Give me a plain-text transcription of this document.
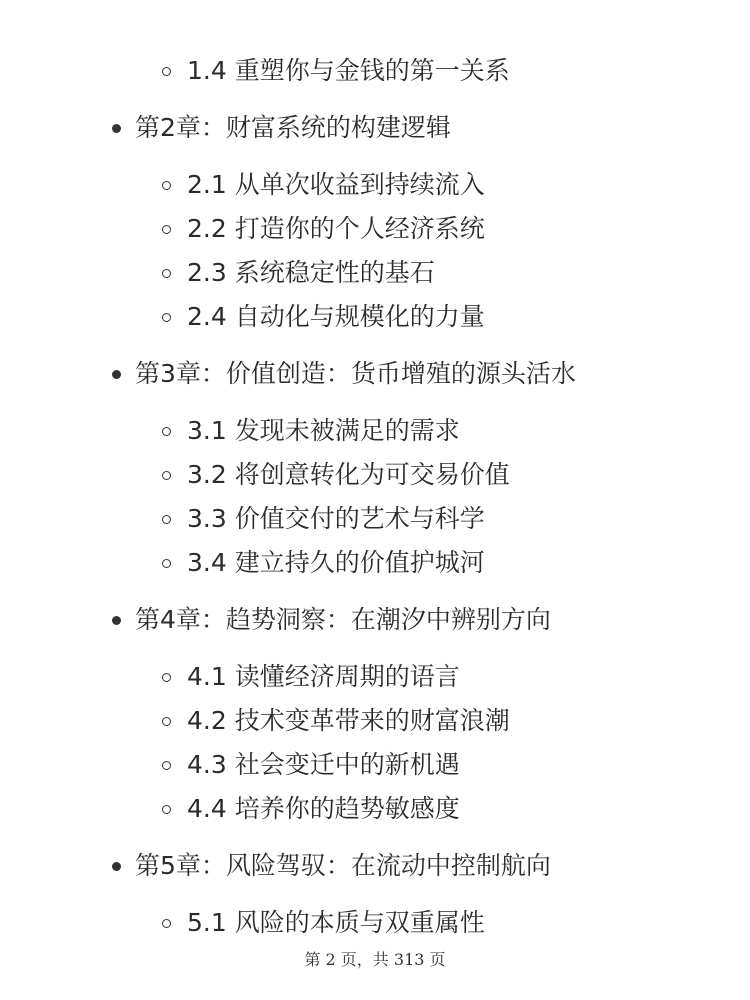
1.4 重塑你与金钱的第一关系
第2章：财富系统的构建逻辑
2.1 从单次收益到持续流入
2.2 打造你的个人经济系统
2.3 系统稳定性的基石
2.4 自动化与规模化的力量
第3章：价值创造：货币增殖的源头活水
3.1 发现未被满足的需求
3.2 将创意转化为可交易价值
3.3 价值交付的艺术与科学
3.4 建立持久的价值护城河
第4章：趋势洞察：在潮汐中辨别方向
4.1 读懂经济周期的语言
4.2 技术变革带来的财富浪潮
4.3 社会变迁中的新机遇
4.4 培养你的趋势敏感度
第5章：风险驾驭：在流动中控制航向
5.1 风险的本质与双重属性
第 2 页，共 313 页
